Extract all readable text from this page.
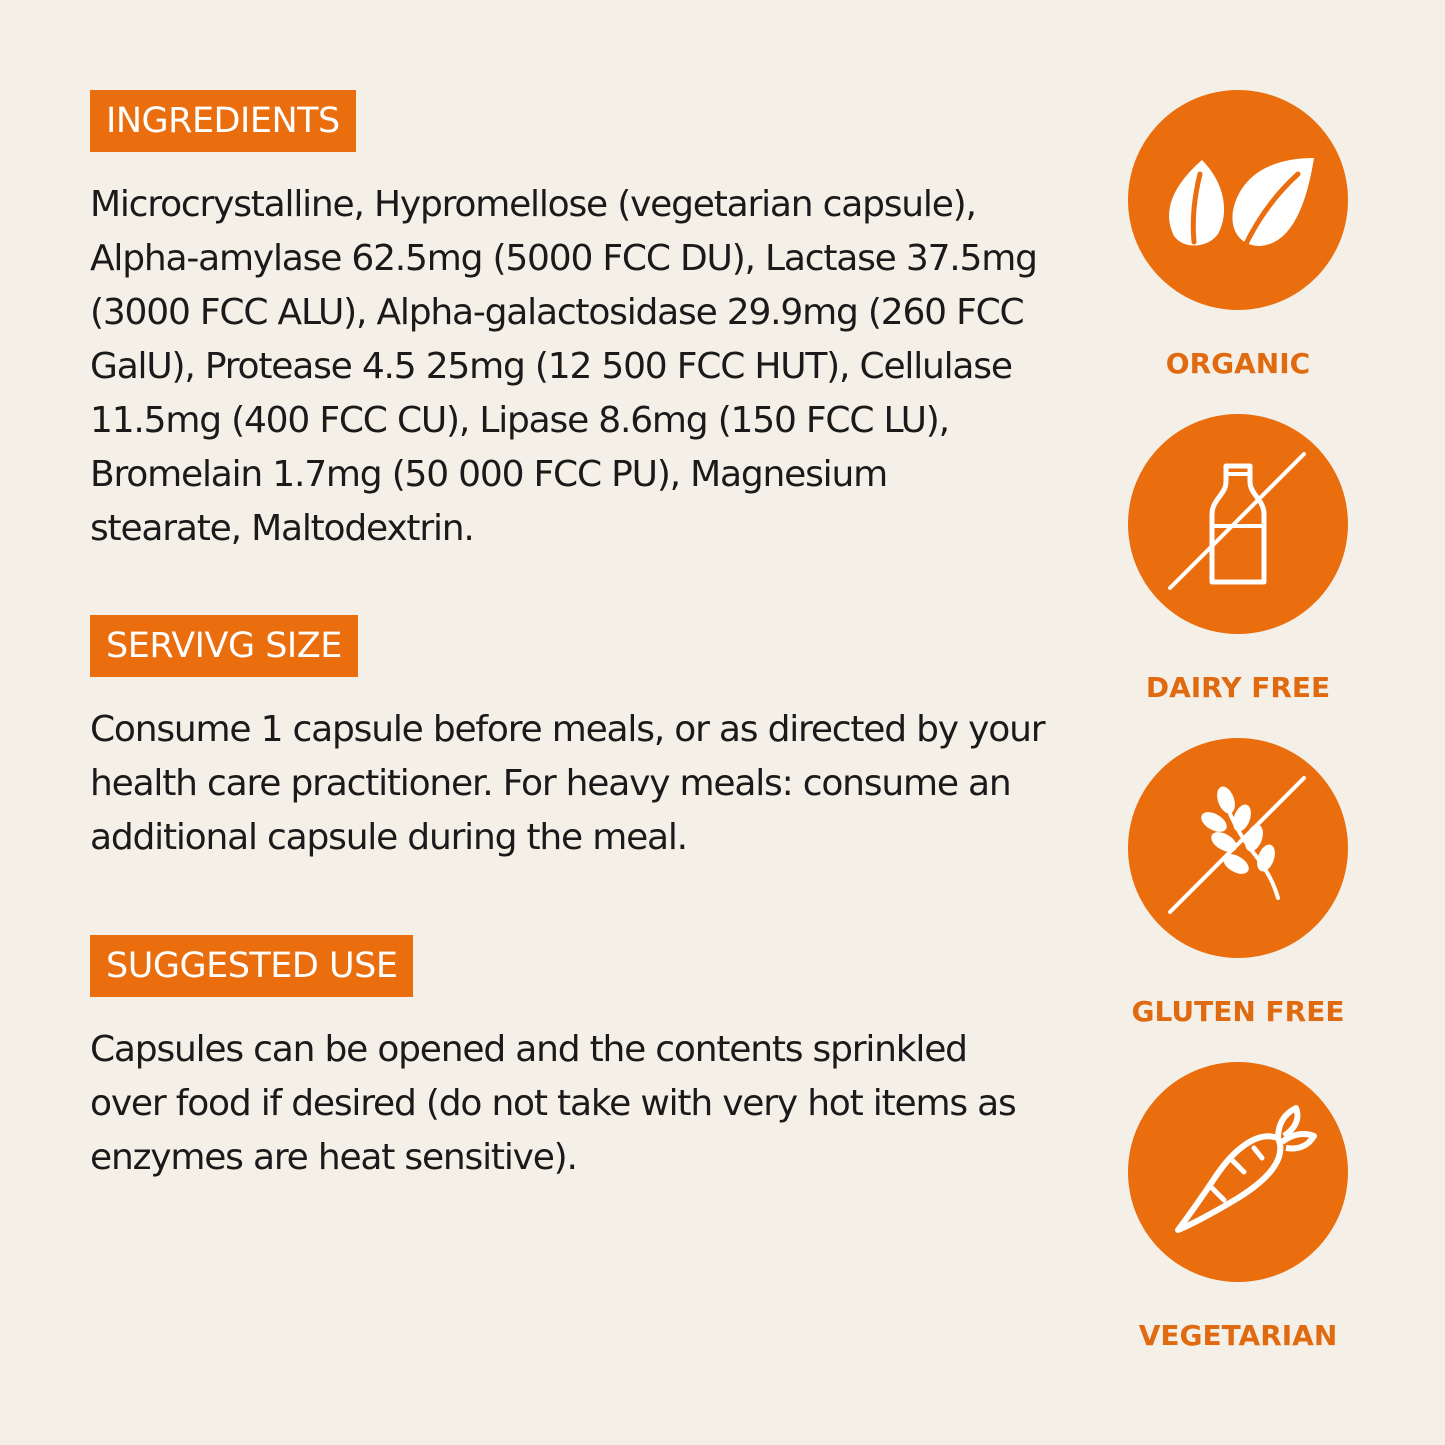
INGREDIENTS
Microcrystalline, Hypromellose (vegetarian capsule), Alpha-amylase 62.5mg (5000 FCC DU), Lactase 37.5mg (3000 FCC ALU), Alpha-galactosidase 29.9mg (260 FCC GalU), Protease 4.5 25mg (12 500 FCC HUT), Cellulase 11.5mg (400 FCC CU), Lipase 8.6mg (150 FCC LU), Bromelain 1.7mg (50 000 FCC PU), Magnesium stearate, Maltodextrin.
SERVIVG SIZE
Consume 1 capsule before meals, or as directed by your health care practitioner. For heavy meals: consume an additional capsule during the meal.
SUGGESTED USE
Capsules can be opened and the contents sprinkled over food if desired (do not take with very hot items as enzymes are heat sensitive).
ORGANIC
DAIRY FREE
GLUTEN FREE
VEGETARIAN
